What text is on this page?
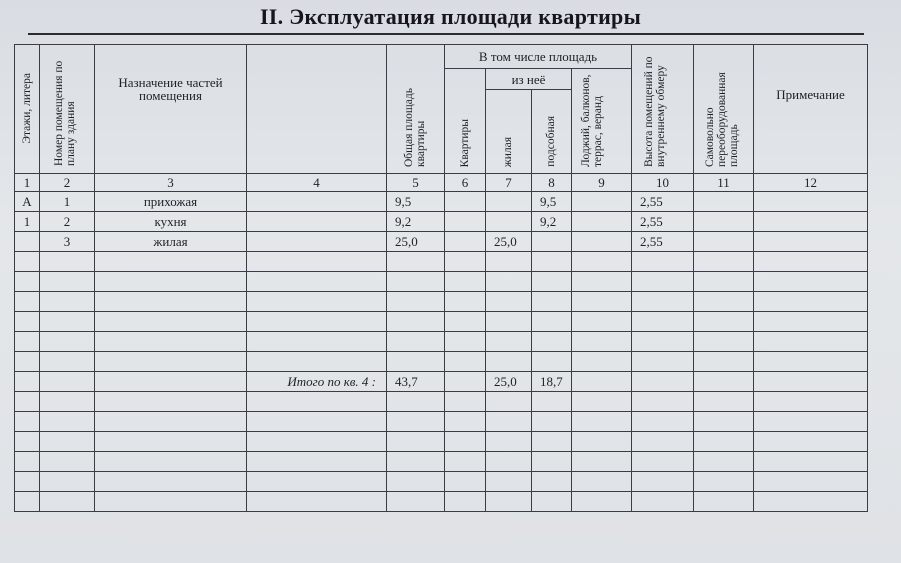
II. Эксплуатация площади квартиры
Этажи, литера	Номер помещения по плану здания	Назначение частей помещения		Общая площадь квартиры	В том числе площадь				Высота помещений по внутреннему обмеру	Самовольно переоборудованная площадь	Примечание
					Квартиры	из неё		Лоджий, балконов, террас, веранд			
						жилая	подсобная				
1	2	3	4	5	6	7	8	9	10	11	12
А	1	прихожая		9,5			9,5		2,55		
1	2	кухня		9,2			9,2		2,55		
	3	жилая		25,0		25,0			2,55		

			Итого по кв. 4 :	43,7		25,0	18,7				
